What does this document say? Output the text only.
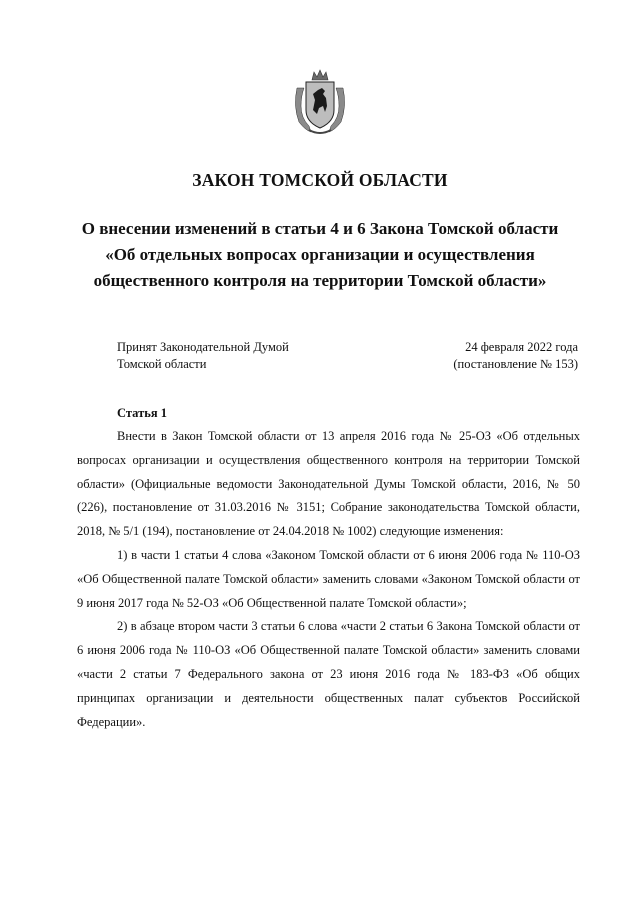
ЗАКОН ТОМСКОЙ ОБЛАСТИ
О внесении изменений в статьи 4 и 6 Закона Томской области «Об отдельных вопросах организации и осуществления общественного контроля на территории Томской области»
Принят Законодательной Думой
Томской области
24 февраля 2022 года
(постановление № 153)
Статья 1

Внести в Закон Томской области от 13 апреля 2016 года № 25-ОЗ «Об отдельных вопросах организации и осуществления общественного контроля на территории Томской области» (Официальные ведомости Законодательной Думы Томской области, 2016, № 50 (226), постановление от 31.03.2016 № 3151; Собрание законодательства Томской области, 2018, № 5/1 (194), постановление от 24.04.2018 № 1002) следующие изменения:

1) в части 1 статьи 4 слова «Законом Томской области от 6 июня 2006 года № 110-ОЗ «Об Общественной палате Томской области» заменить словами «Законом Томской области от 9 июня 2017 года № 52-ОЗ «Об Общественной палате Томской области»;

2) в абзаце втором части 3 статьи 6 слова «части 2 статьи 6 Закона Томской области от 6 июня 2006 года № 110-ОЗ «Об Общественной палате Томской области» заменить словами «части 2 статьи 7 Федерального закона от 23 июня 2016 года № 183-ФЗ «Об общих принципах организации и деятельности общественных палат субъектов Российской Федерации».
